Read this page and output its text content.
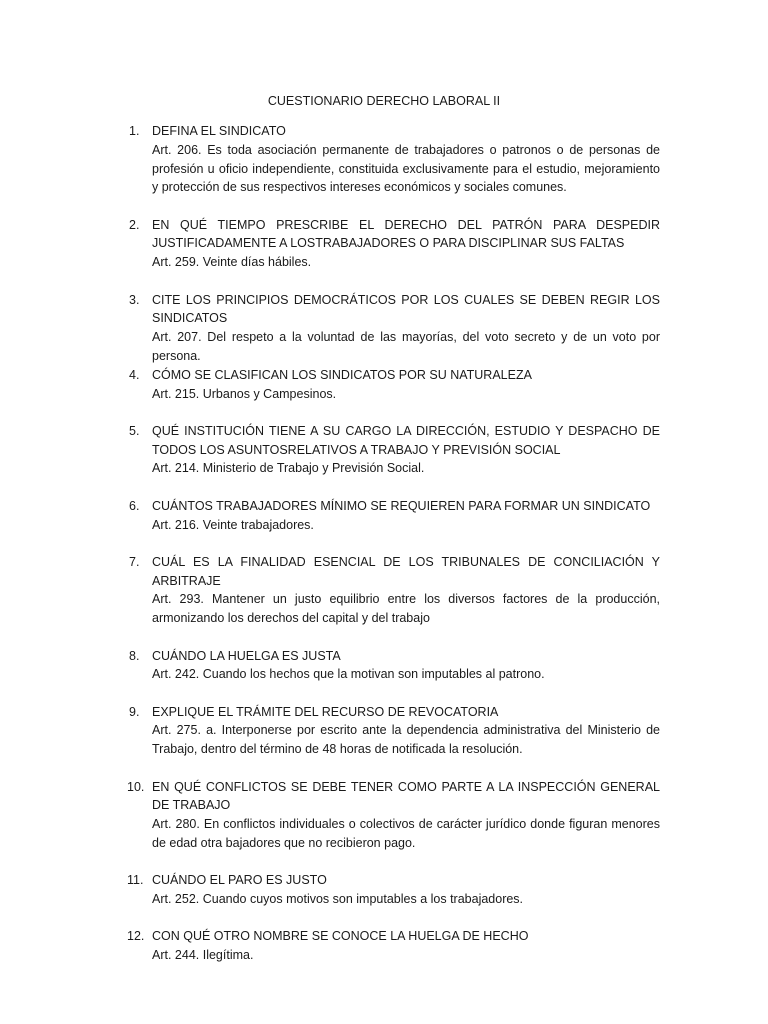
CUESTIONARIO DERECHO LABORAL II
1. DEFINA EL SINDICATO
Art. 206. Es toda asociación permanente de trabajadores o patronos o de personas de profesión u oficio independiente, constituida exclusivamente para el estudio, mejoramiento y protección de sus respectivos intereses económicos y sociales comunes.
2. EN QUÉ TIEMPO PRESCRIBE EL DERECHO DEL PATRÓN PARA DESPEDIR JUSTIFICADAMENTE A LOSTRABAJADORES O PARA DISCIPLINAR SUS FALTAS
Art. 259. Veinte días hábiles.
3. CITE LOS PRINCIPIOS DEMOCRÁTICOS POR LOS CUALES SE DEBEN REGIR LOS SINDICATOS
Art. 207. Del respeto a la voluntad de las mayorías, del voto secreto y de un voto por persona.
4. CÓMO SE CLASIFICAN LOS SINDICATOS POR SU NATURALEZA
Art. 215. Urbanos y Campesinos.
5. QUÉ INSTITUCIÓN TIENE A SU CARGO LA DIRECCIÓN, ESTUDIO Y DESPACHO DE TODOS LOS ASUNTOSRELATIVOS A TRABAJO Y PREVISIÓN SOCIAL
Art. 214. Ministerio de Trabajo y Previsión Social.
6. CUÁNTOS TRABAJADORES MÍNIMO SE REQUIEREN PARA FORMAR UN SINDICATO
Art. 216. Veinte trabajadores.
7. CUÁL ES LA FINALIDAD ESENCIAL DE LOS TRIBUNALES DE CONCILIACIÓN Y ARBITRAJE
Art. 293. Mantener un justo equilibrio entre los diversos factores de la producción, armonizando los derechos del capital y del trabajo
8. CUÁNDO LA HUELGA ES JUSTA
Art. 242. Cuando los hechos que la motivan son imputables al patrono.
9. EXPLIQUE EL TRÁMITE DEL RECURSO DE REVOCATORIA
Art. 275. a. Interponerse por escrito ante la dependencia administrativa del Ministerio de Trabajo, dentro del término de 48 horas de notificada la resolución.
10. EN QUÉ CONFLICTOS SE DEBE TENER COMO PARTE A LA INSPECCIÓN GENERAL DE TRABAJO
Art. 280. En conflictos individuales o colectivos de carácter jurídico donde figuran menores de edad otra bajadores que no recibieron pago.
11. CUÁNDO EL PARO ES JUSTO
Art. 252. Cuando cuyos motivos son imputables a los trabajadores.
12. CON QUÉ OTRO NOMBRE SE CONOCE LA HUELGA DE HECHO
Art. 244. Ilegítima.
